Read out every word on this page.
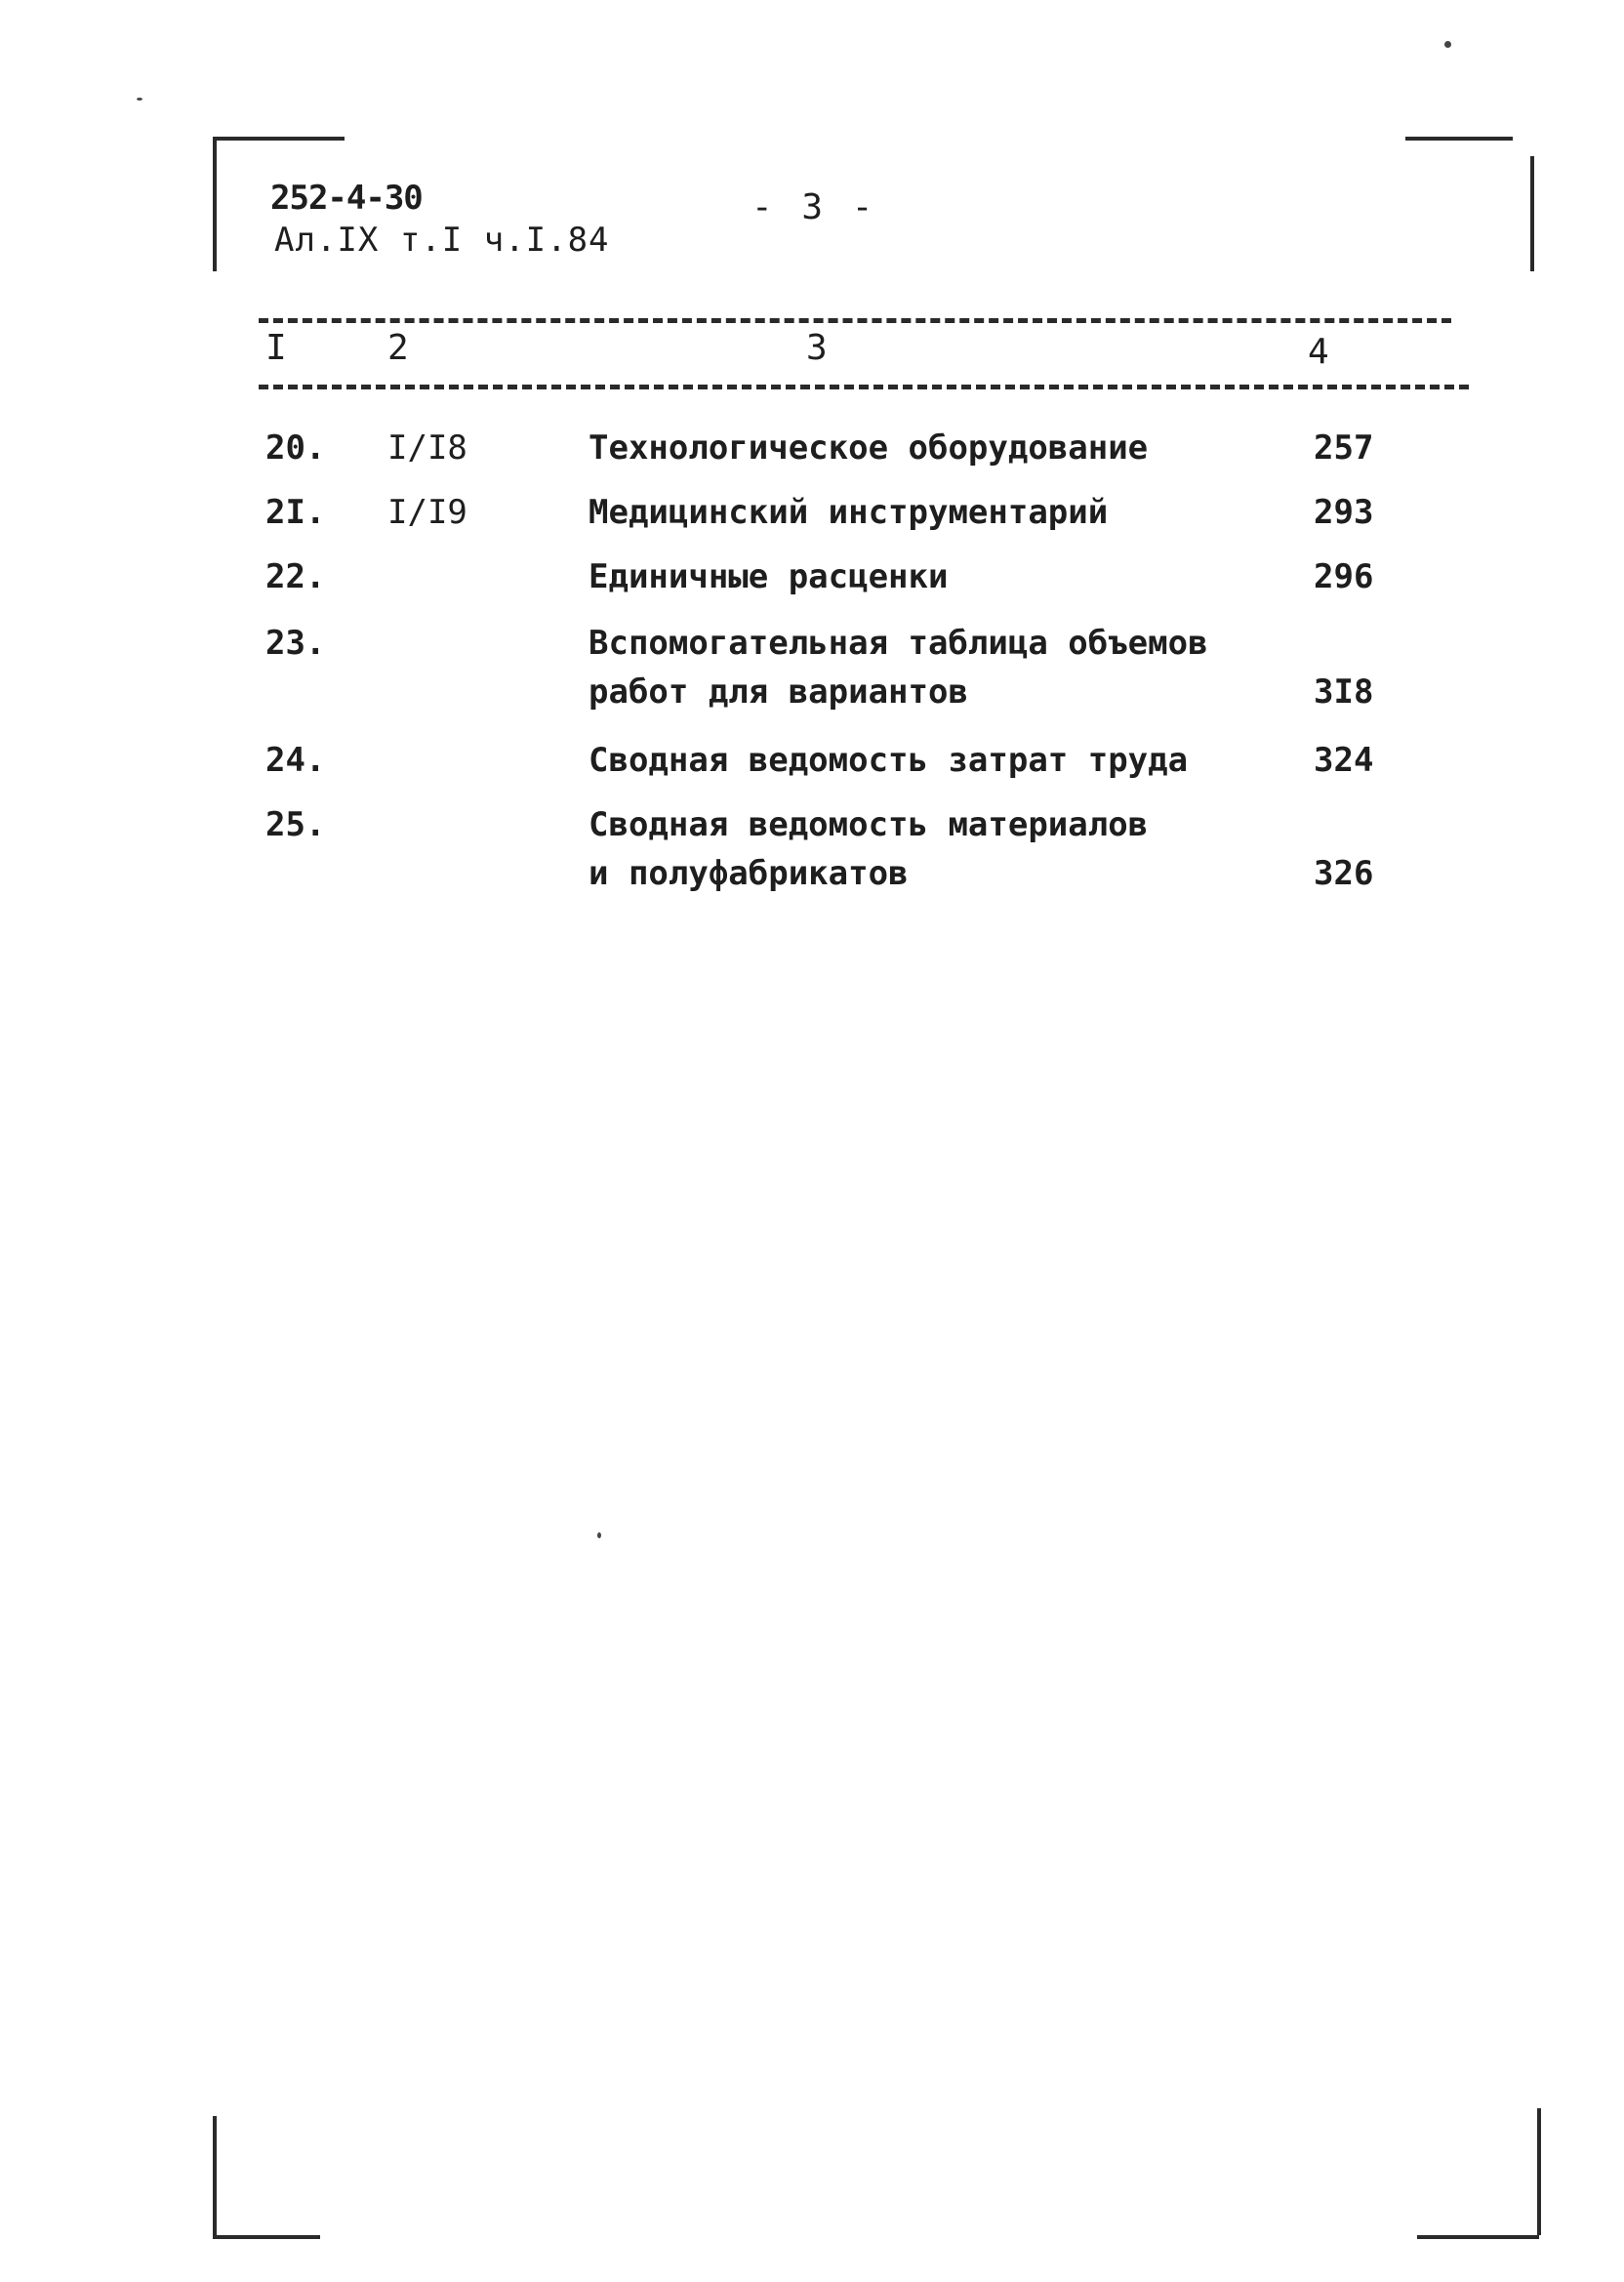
252-4-30
Ал.IX т.I ч.I.84
- 3 -
I	2	3	4
20. I/I8	Технологическое оборудование	257
2I. I/I9	Медицинский инструментарий	293
22.	Единичные расценки	296
23.	Вспомогательная таблица объемов
работ для вариантов	3I8
24.	Сводная ведомость затрат труда	324
25.	Сводная ведомость материалов
и полуфабрикатов	326
